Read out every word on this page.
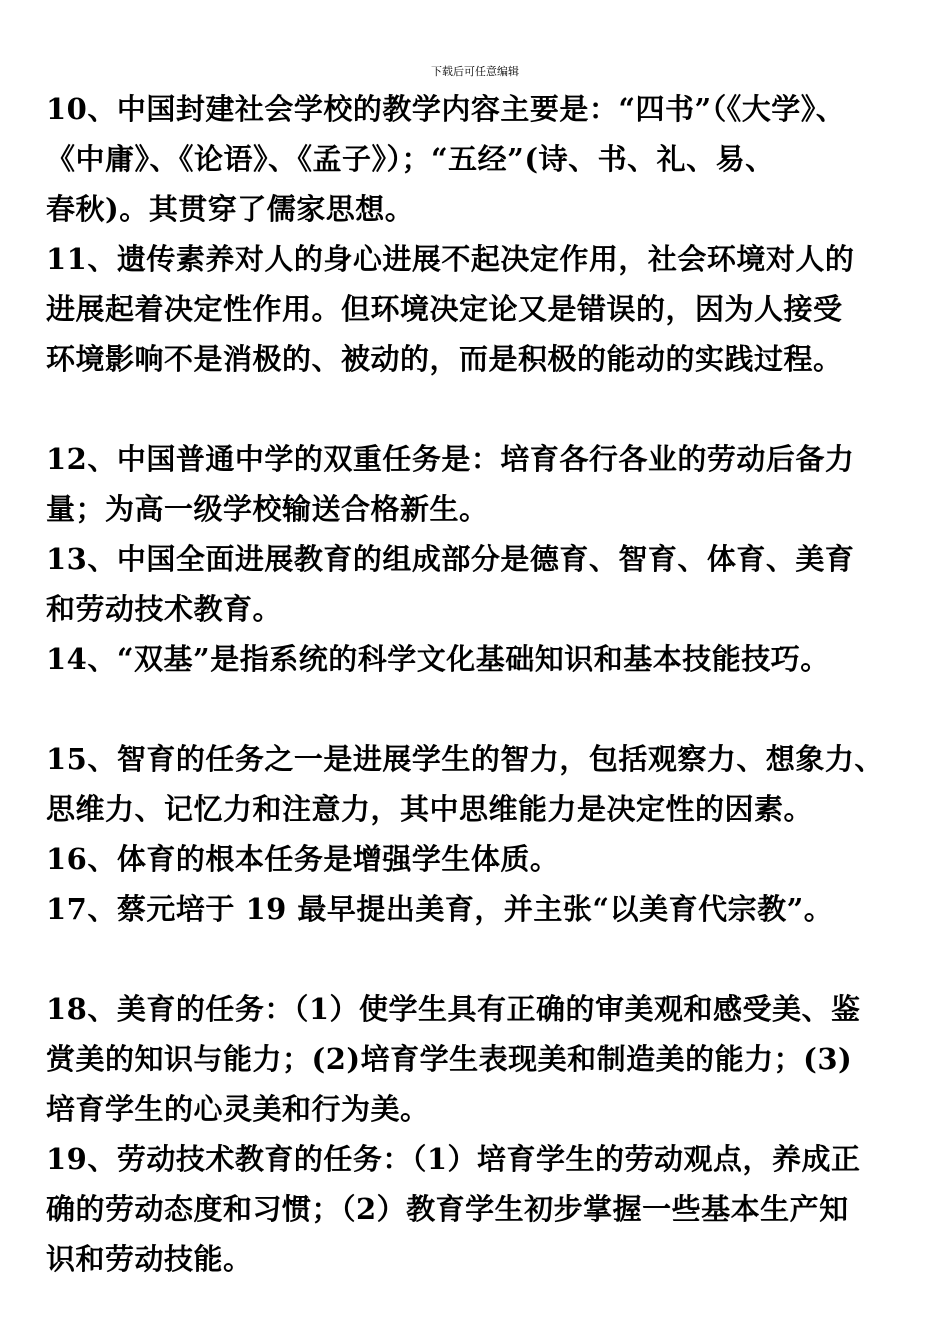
下载后可任意编辑
10、中国封建社会学校的教学内容主要是：“四书”（《大学》、
《中庸》、《论语》、《孟子》）；“五经”(诗、书、礼、易、
春秋)。其贯穿了儒家思想。
11、遗传素养对人的身心进展不起决定作用，社会环境对人的
进展起着决定性作用。但环境决定论又是错误的，因为人接受
环境影响不是消极的、被动的，而是积极的能动的实践过程。
12、中国普通中学的双重任务是：培育各行各业的劳动后备力
量；为高一级学校输送合格新生。
13、中国全面进展教育的组成部分是德育、智育、体育、美育
和劳动技术教育。
14、“双基”是指系统的科学文化基础知识和基本技能技巧。
15、智育的任务之一是进展学生的智力，包括观察力、想象力、
思维力、记忆力和注意力，其中思维能力是决定性的因素。
16、体育的根本任务是增强学生体质。
17、蔡元培于 19 最早提出美育，并主张“以美育代宗教”。
18、美育的任务：（1）使学生具有正确的审美观和感受美、鉴
赏美的知识与能力；(2)培育学生表现美和制造美的能力；(3)
培育学生的心灵美和行为美。
19、劳动技术教育的任务：（1）培育学生的劳动观点，养成正
确的劳动态度和习惯；（2）教育学生初步掌握一些基本生产知
识和劳动技能。
